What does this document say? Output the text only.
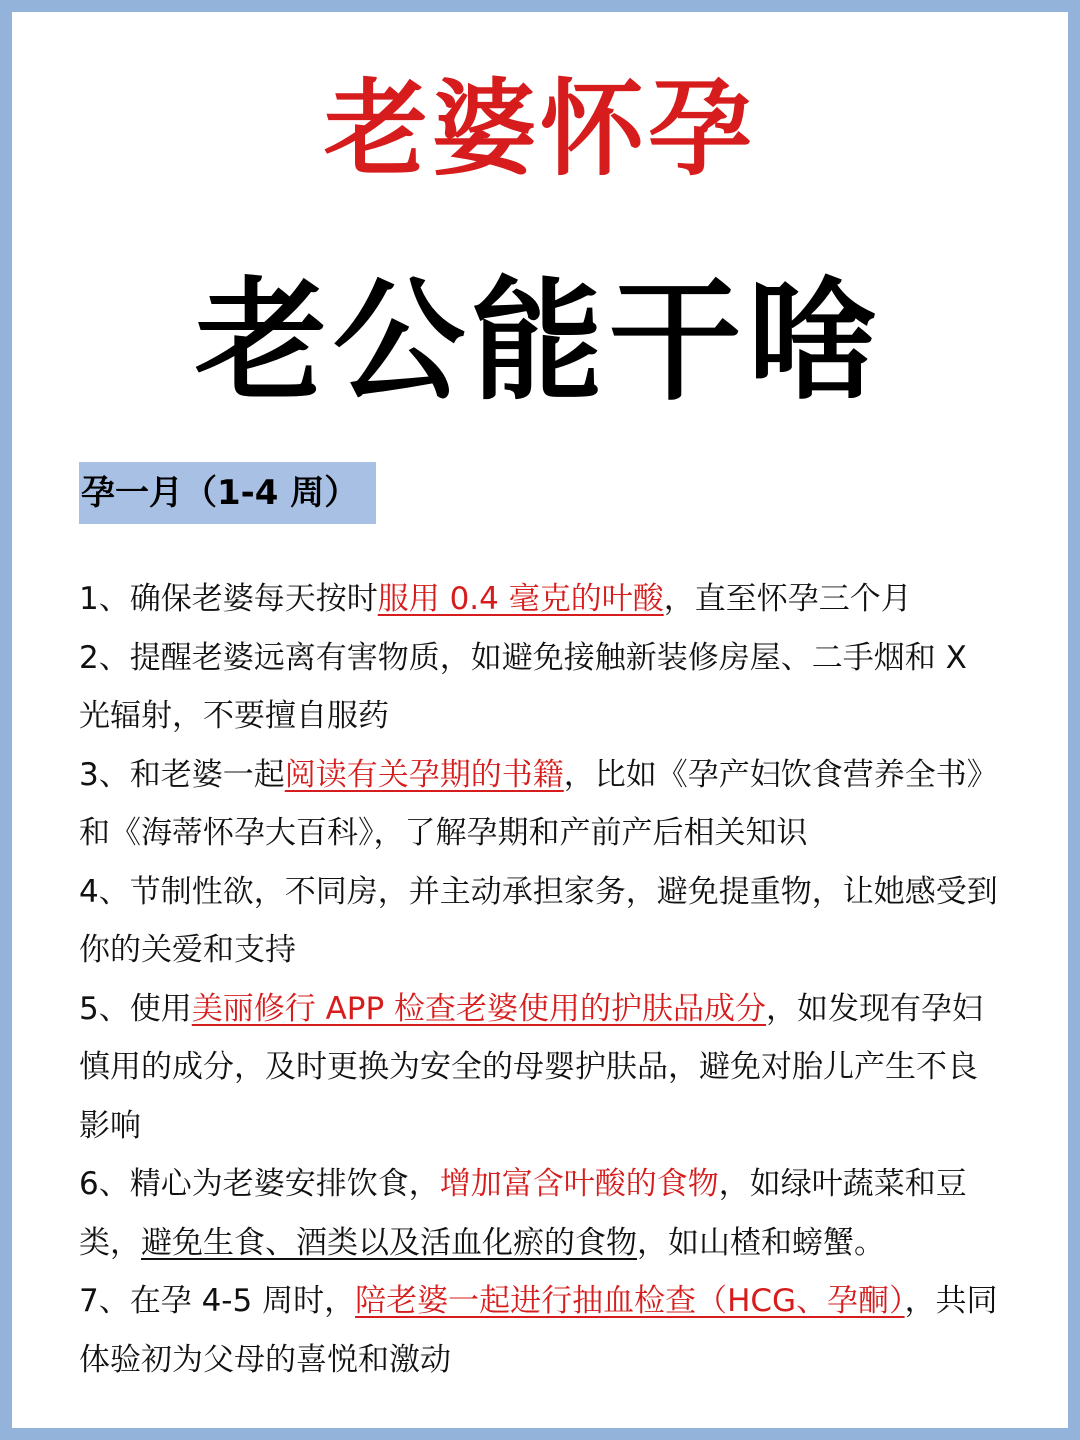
老婆怀孕
老公能干啥
孕一月（1-4 周）

1、确保老婆每天按时服用 0.4 毫克的叶酸，直至怀孕三个月

2、提醒老婆远离有害物质，如避免接触新装修房屋、二手烟和 X 光辐射，不要擅自服药

3、和老婆一起阅读有关孕期的书籍，比如《孕产妇饮食营养全书》和《海蒂怀孕大百科》，了解孕期和产前产后相关知识

4、节制性欲，不同房，并主动承担家务，避免提重物，让她感受到你的关爱和支持

5、使用美丽修行 APP 检查老婆使用的护肤品成分，如发现有孕妇慎用的成分，及时更换为安全的母婴护肤品，避免对胎儿产生不良影响

6、精心为老婆安排饮食，增加富含叶酸的食物，如绿叶蔬菜和豆类，避免生食、酒类以及活血化瘀的食物，如山楂和螃蟹。

7、在孕 4-5 周时，陪老婆一起进行抽血检查（HCG、孕酮），共同体验初为父母的喜悦和激动
